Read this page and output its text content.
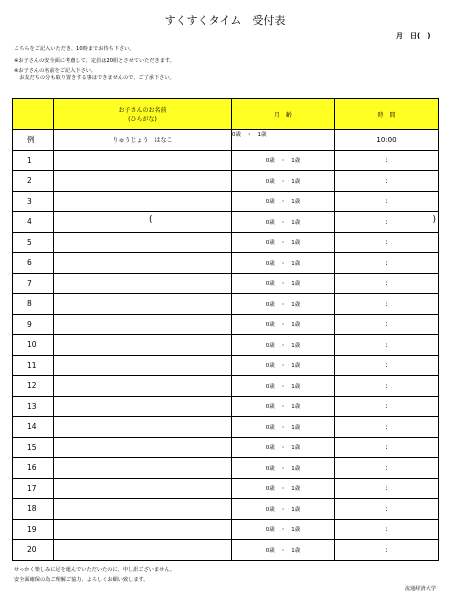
すくすくタイム　受付表
月　日(　)
こちらをご記入いただき、10時までお待ち下さい。
※お子さんの安全面に考慮して、定員は20組とさせていただきます。
※お子さんの名前をご記入下さい。
　お友だちの分も取り置きする事はできませんので、ご了承下さい。
	お子さんのお名前
(ひらがな)	月　齢	時　間
例	りゅうじょう　はなこ	0歳　・　1歳	10:00
1		0歳　・　1歳	:
2		0歳　・　1歳	:
3		0歳　・　1歳	:
4	(	0歳　・　1歳	: )

5		0歳　・　1歳	:
6		0歳　・　1歳	:
7		0歳　・　1歳	:
8		0歳　・　1歳	:
9		0歳　・　1歳	:
10		0歳　・　1歳	:
11		0歳　・　1歳	:
12		0歳　・　1歳	:
13		0歳　・　1歳	:
14		0歳　・　1歳	:
15		0歳　・　1歳	:
16		0歳　・　1歳	:
17		0歳　・　1歳	:
18		0歳　・　1歳	:
19		0歳　・　1歳	:
20		0歳　・　1歳	:
せっかく楽しみに足を運んでいただいたのに、申し訳ございません。
安全面確保の為ご理解ご協力、よろしくお願い致します。
流通経済大学
